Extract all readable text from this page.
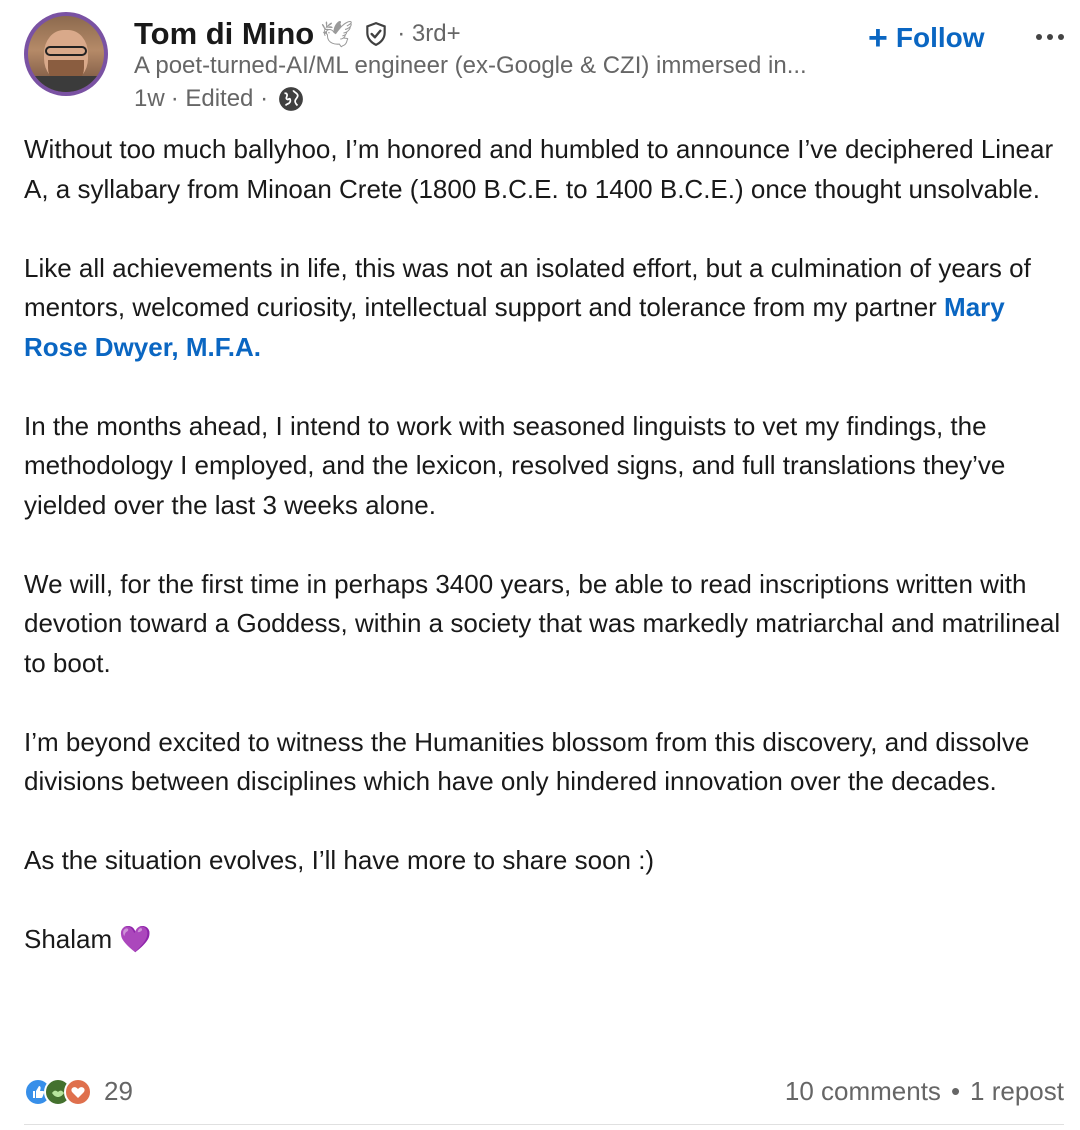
Tom di Mino 🕊 · 3rd+
A poet-turned-AI/ML engineer (ex-Google & CZI) immersed in...
1w · Edited ·
+ Follow

Without too much ballyhoo, I’m honored and humbled to announce I’ve deciphered Linear A, a syllabary from Minoan Crete (1800 B.C.E. to 1400 B.C.E.) once thought unsolvable.

Like all achievements in life, this was not an isolated effort, but a culmination of years of mentors, welcomed curiosity, intellectual support and tolerance from my partner Mary Rose Dwyer, M.F.A.

In the months ahead, I intend to work with seasoned linguists to vet my findings, the methodology I employed, and the lexicon, resolved signs, and full translations they’ve yielded over the last 3 weeks alone.

We will, for the first time in perhaps 3400 years, be able to read inscriptions written with devotion toward a Goddess, within a society that was markedly matriarchal and matrilineal to boot.

I’m beyond excited to witness the Humanities blossom from this discovery, and dissolve divisions between disciplines which have only hindered innovation over the decades.

As the situation evolves, I’ll have more to share soon :)

Shalam 💜

29	10 comments • 1 repost
